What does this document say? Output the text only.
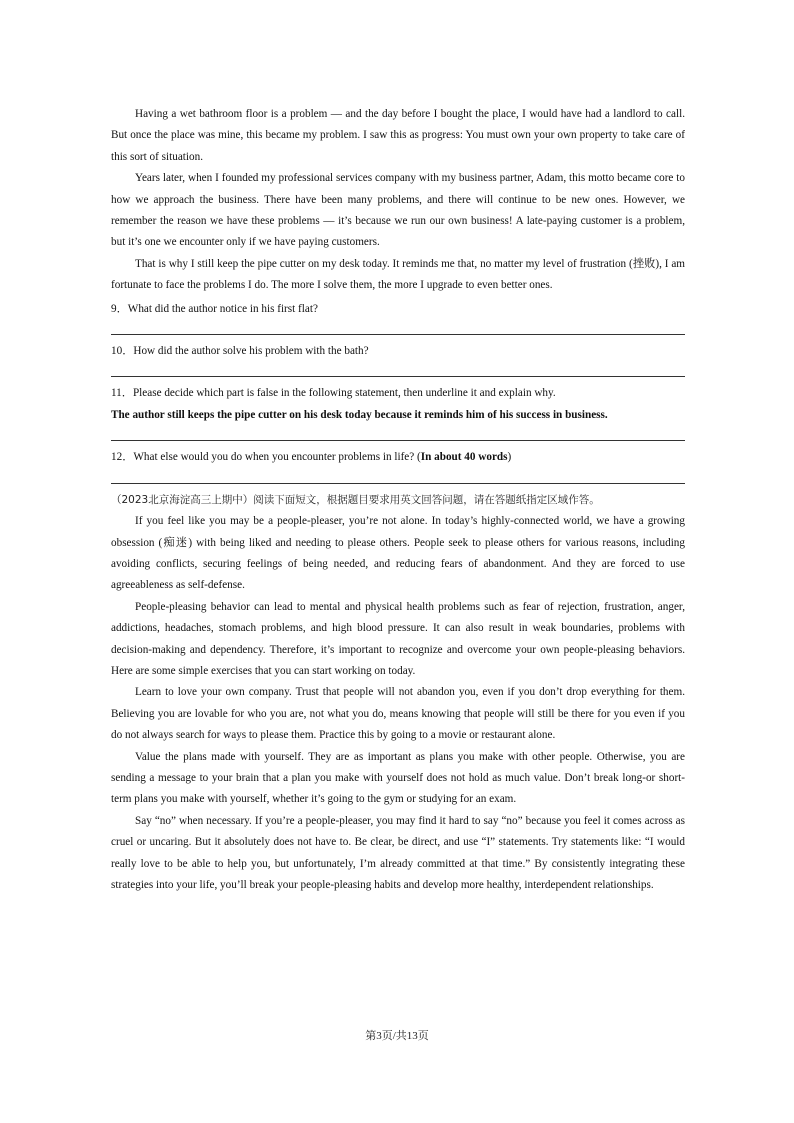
Having a wet bathroom floor is a problem — and the day before I bought the place, I would have had a landlord to call. But once the place was mine, this became my problem. I saw this as progress: You must own your own property to take care of this sort of situation.

Years later, when I founded my professional services company with my business partner, Adam, this motto became core to how we approach the business. There have been many problems, and there will continue to be new ones. However, we remember the reason we have these problems — it’s because we run our own business! A late-paying customer is a problem, but it’s one we encounter only if we have paying customers.

That is why I still keep the pipe cutter on my desk today. It reminds me that, no matter my level of frustration (挫败), I am fortunate to face the problems I do. The more I solve them, the more I upgrade to even better ones.

9．What did the author notice in his first flat?

10．How did the author solve his problem with the bath?

11．Please decide which part is false in the following statement, then underline it and explain why.

The author still keeps the pipe cutter on his desk today because it reminds him of his success in business.

12．What else would you do when you encounter problems in life? (In about 40 words)

（2023北京海淀高三上期中）阅读下面短文，根据题目要求用英文回答问题，请在答题纸指定区域作答。

If you feel like you may be a people-pleaser, you’re not alone. In today’s highly-connected world, we have a growing obsession (痴迷) with being liked and needing to please others. People seek to please others for various reasons, including avoiding conflicts, securing feelings of being needed, and reducing fears of abandonment. And they are forced to use agreeableness as self-defense.

People-pleasing behavior can lead to mental and physical health problems such as fear of rejection, frustration, anger, addictions, headaches, stomach problems, and high blood pressure. It can also result in weak boundaries, problems with decision-making and dependency. Therefore, it’s important to recognize and overcome your own people-pleasing behaviors. Here are some simple exercises that you can start working on today.

Learn to love your own company. Trust that people will not abandon you, even if you don’t drop everything for them. Believing you are lovable for who you are, not what you do, means knowing that people will still be there for you even if you do not always search for ways to please them. Practice this by going to a movie or restaurant alone.

Value the plans made with yourself. They are as important as plans you make with other people. Otherwise, you are sending a message to your brain that a plan you make with yourself does not hold as much value. Don’t break long-or short-term plans you make with yourself, whether it’s going to the gym or studying for an exam.

Say “no” when necessary. If you’re a people-pleaser, you may find it hard to say “no” because you feel it comes across as cruel or uncaring. But it absolutely does not have to. Be clear, be direct, and use “I” statements. Try statements like: “I would really love to be able to help you, but unfortunately, I’m already committed at that time.” By consistently integrating these strategies into your life, you’ll break your people-pleasing habits and develop more healthy, interdependent relationships.

第3页/共13页
